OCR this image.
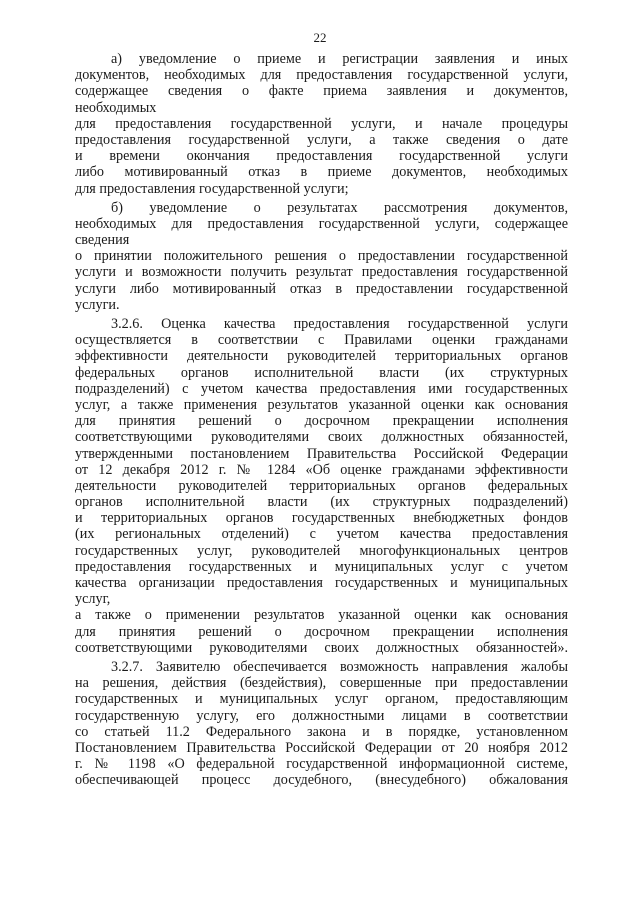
22
а) уведомление о приеме и регистрации заявления и иных
документов, необходимых для предоставления государственной услуги,
содержащее сведения о факте приема заявления и документов,
необходимых
для предоставления государственной услуги, и начале процедуры
предоставления государственной услуги, а также сведения о дате
и времени окончания предоставления государственной услуги
либо мотивированный отказ в приеме документов, необходимых
для предоставления государственной услуги;
б) уведомление о результатах рассмотрения документов,
необходимых для предоставления государственной услуги, содержащее
сведения
о принятии положительного решения о предоставлении государственной
услуги и возможности получить результат предоставления государственной
услуги либо мотивированный отказ в предоставлении государственной
услуги.
3.2.6. Оценка качества предоставления государственной услуги
осуществляется в соответствии с Правилами оценки гражданами
эффективности деятельности руководителей территориальных органов
федеральных органов исполнительной власти (их структурных
подразделений) с учетом качества предоставления ими государственных
услуг, а также применения результатов указанной оценки как основания
для принятия решений о досрочном прекращении исполнения
соответствующими руководителями своих должностных обязанностей,
утвержденными постановлением Правительства Российской Федерации
от 12 декабря 2012 г. № 1284 «Об оценке гражданами эффективности
деятельности руководителей территориальных органов федеральных
органов исполнительной власти (их структурных подразделений)
и территориальных органов государственных внебюджетных фондов
(их региональных отделений) с учетом качества предоставления
государственных услуг, руководителей многофункциональных центров
предоставления государственных и муниципальных услуг с учетом
качества организации предоставления государственных и муниципальных
услуг,
а также о применении результатов указанной оценки как основания
для принятия решений о досрочном прекращении исполнения
соответствующими руководителями своих должностных обязанностей».
3.2.7. Заявителю обеспечивается возможность направления жалобы
на решения, действия (бездействия), совершенные при предоставлении
государственных и муниципальных услуг органом, предоставляющим
государственную услугу, его должностными лицами в соответствии
со статьей 11.2 Федерального закона и в порядке, установленном
Постановлением Правительства Российской Федерации от 20 ноября 2012
г. № 1198 «О федеральной государственной информационной системе,
обеспечивающей процесс досудебного, (внесудебного) обжалования
